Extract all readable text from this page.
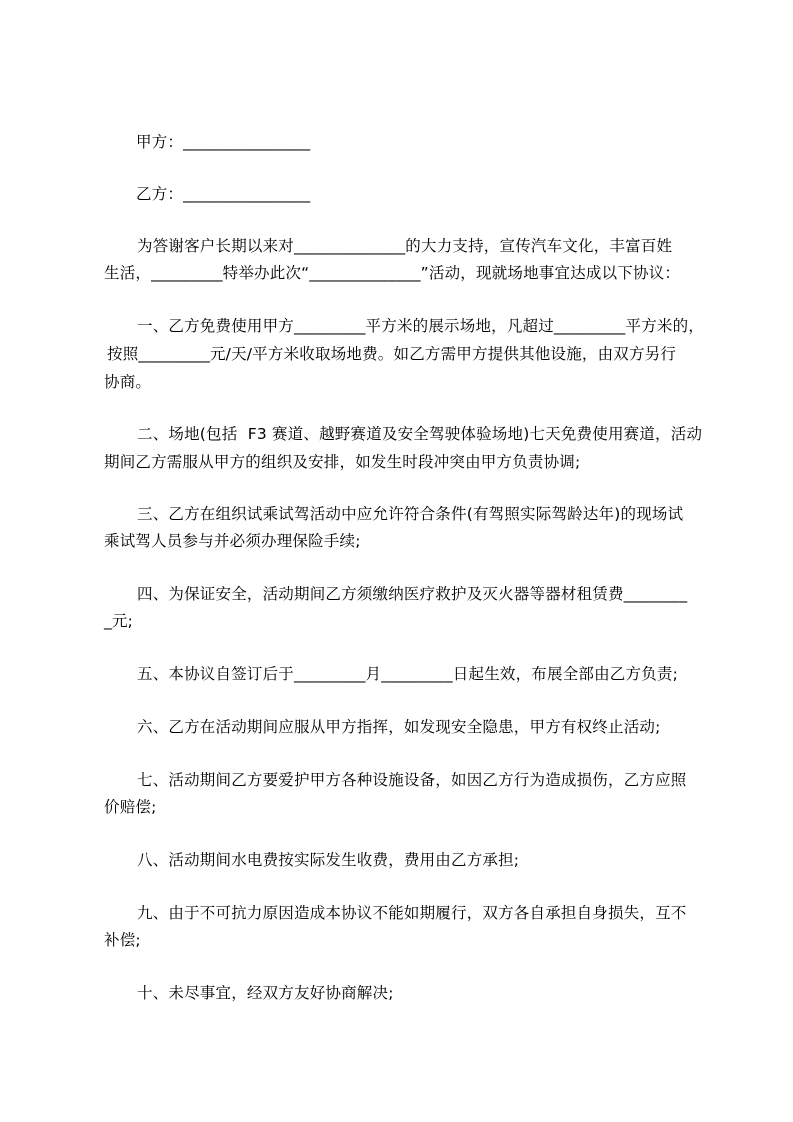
甲方：________________
乙方：________________
为答谢客户长期以来对______________的大力支持，宣传汽车文化，丰富百姓
生活，_________特举办此次“______________”活动，现就场地事宜达成以下协议：
一、乙方免费使用甲方_________平方米的展示场地，凡超过_________平方米的，
按照_________元/天/平方米收取场地费。如乙方需甲方提供其他设施，由双方另行
协商。
二、场地(包括  F3 赛道、越野赛道及安全驾驶体验场地)七天免费使用赛道，活动
期间乙方需服从甲方的组织及安排，如发生时段冲突由甲方负责协调;
三、乙方在组织试乘试驾活动中应允许符合条件(有驾照实际驾龄达年)的现场试
乘试驾人员参与并必须办理保险手续;
四、为保证安全，活动期间乙方须缴纳医疗救护及灭火器等器材租赁费________
_元;
五、本协议自签订后于_________月_________日起生效，布展全部由乙方负责;
六、乙方在活动期间应服从甲方指挥，如发现安全隐患，甲方有权终止活动;
七、活动期间乙方要爱护甲方各种设施设备，如因乙方行为造成损伤，乙方应照
价赔偿;
八、活动期间水电费按实际发生收费，费用由乙方承担;
九、由于不可抗力原因造成本协议不能如期履行，双方各自承担自身损失，互不
补偿;
十、未尽事宜，经双方友好协商解决;
